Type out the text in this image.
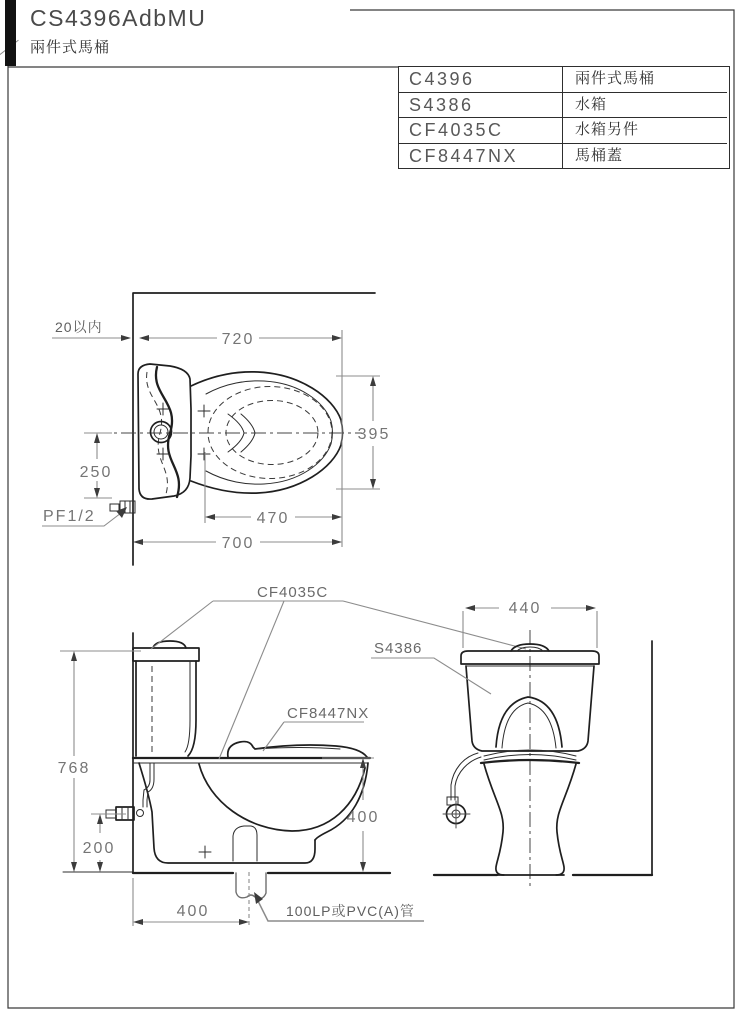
20以内
720
395
250
470
700
PF1/2
768
200
400
400
CF4035C
CF8447NX
100LP或PVC(A)管
440
S4386
CS4396AdbMU
兩件式馬桶
C4396	兩件式馬桶
S4386	水箱
CF4035C	水箱另件
CF8447NX	馬桶蓋
